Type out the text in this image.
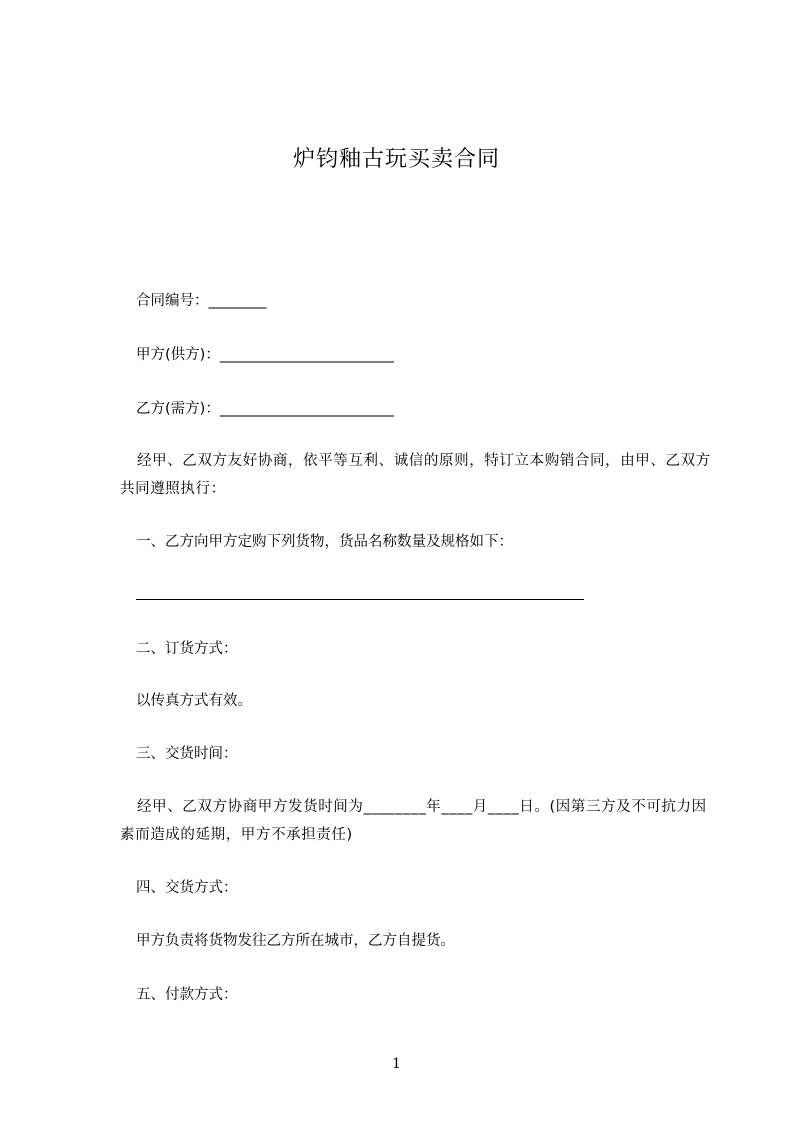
炉钧釉古玩买卖合同
合同编号：________
甲方(供方)：________________________
乙方(需方)：________________________
经甲、乙双方友好协商，依平等互利、诚信的原则，特订立本购销合同，由甲、乙双方共同遵照执行：
一、乙方向甲方定购下列货物，货品名称数量及规格如下：
二、订货方式：
以传真方式有效。
三、交货时间：
经甲、乙双方协商甲方发货时间为________年____月____日。(因第三方及不可抗力因素而造成的延期，甲方不承担责任)
四、交货方式：
甲方负责将货物发往乙方所在城市，乙方自提货。
五、付款方式：
1
